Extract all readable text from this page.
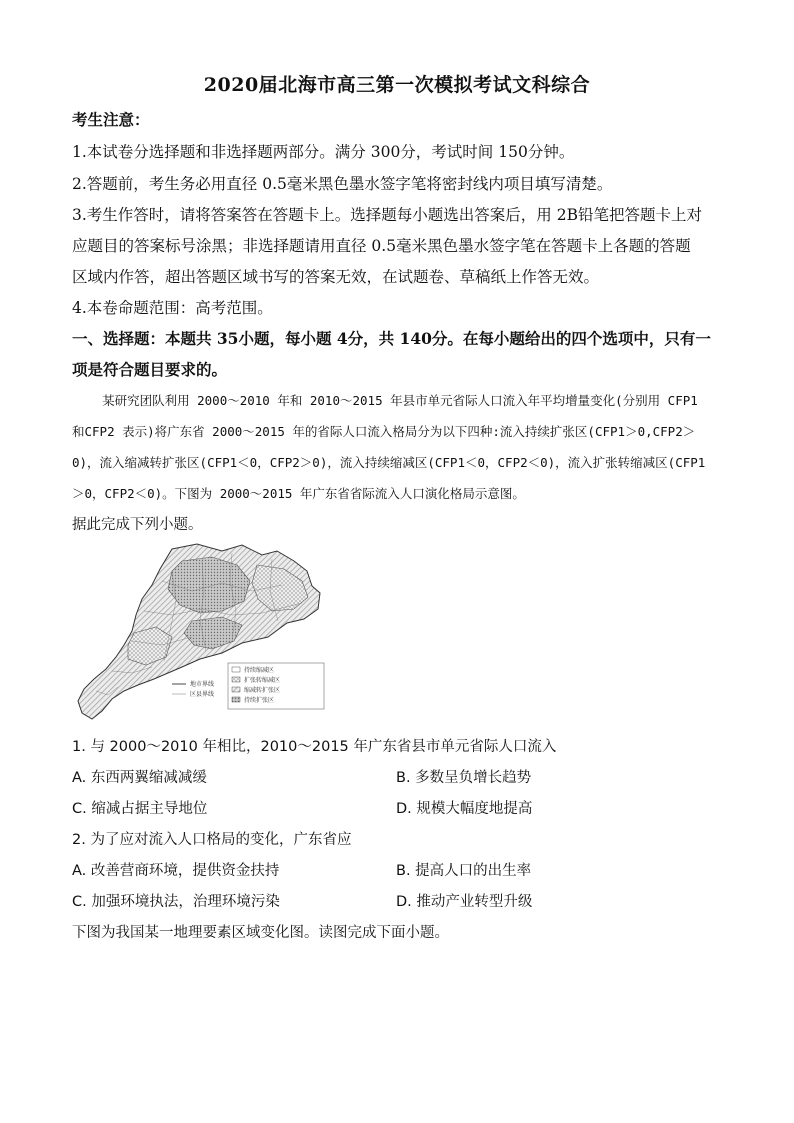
2020届北海市高三第一次模拟考试文科综合
考生注意：
1.本试卷分选择题和非选择题两部分。满分 300分，考试时间 150分钟。
2.答题前，考生务必用直径 0.5毫米黑色墨水签字笔将密封线内项目填写清楚。
3.考生作答时，请将答案答在答题卡上。选择题每小题选出答案后，用 2B铅笔把答题卡上对
应题目的答案标号涂黑；非选择题请用直径 0.5毫米黑色墨水签字笔在答题卡上各题的答题
区域内作答，超出答题区域书写的答案无效，在试题卷、草稿纸上作答无效。
4.本卷命题范围：高考范围。
一、选择题：本题共 35小题，每小题 4分，共 140分。在每小题给出的四个选项中，只有一
项是符合题目要求的。
某研究团队利用 2000～2010 年和 2010～2015 年县市单元省际人口流入年平均增量变化(分别用 CFP1
和CFP2 表示)将广东省 2000～2015 年的省际人口流入格局分为以下四种:流入持续扩张区(CFP1＞0,CFP2＞
0)，流入缩减转扩张区(CFP1＜0，CFP2＞0)，流入持续缩减区(CFP1＜0，CFP2＜0)，流入扩张转缩减区(CFP1
＞0，CFP2＜0)。下图为 2000～2015 年广东省省际流入人口演化格局示意图。
据此完成下列小题。
地市界线
区县界线
持续缩减区
扩张转缩减区
缩减转扩张区
持续扩张区
1. 与 2000～2010 年相比，2010～2015 年广东省县市单元省际人口流入
A. 东西两翼缩减减缓	B. 多数呈负增长趋势
C. 缩减占据主导地位	D. 规模大幅度地提高
2. 为了应对流入人口格局的变化，广东省应
A. 改善营商环境，提供资金扶持	B. 提高人口的出生率
C. 加强环境执法，治理环境污染	D. 推动产业转型升级
下图为我国某一地理要素区域变化图。读图完成下面小题。
